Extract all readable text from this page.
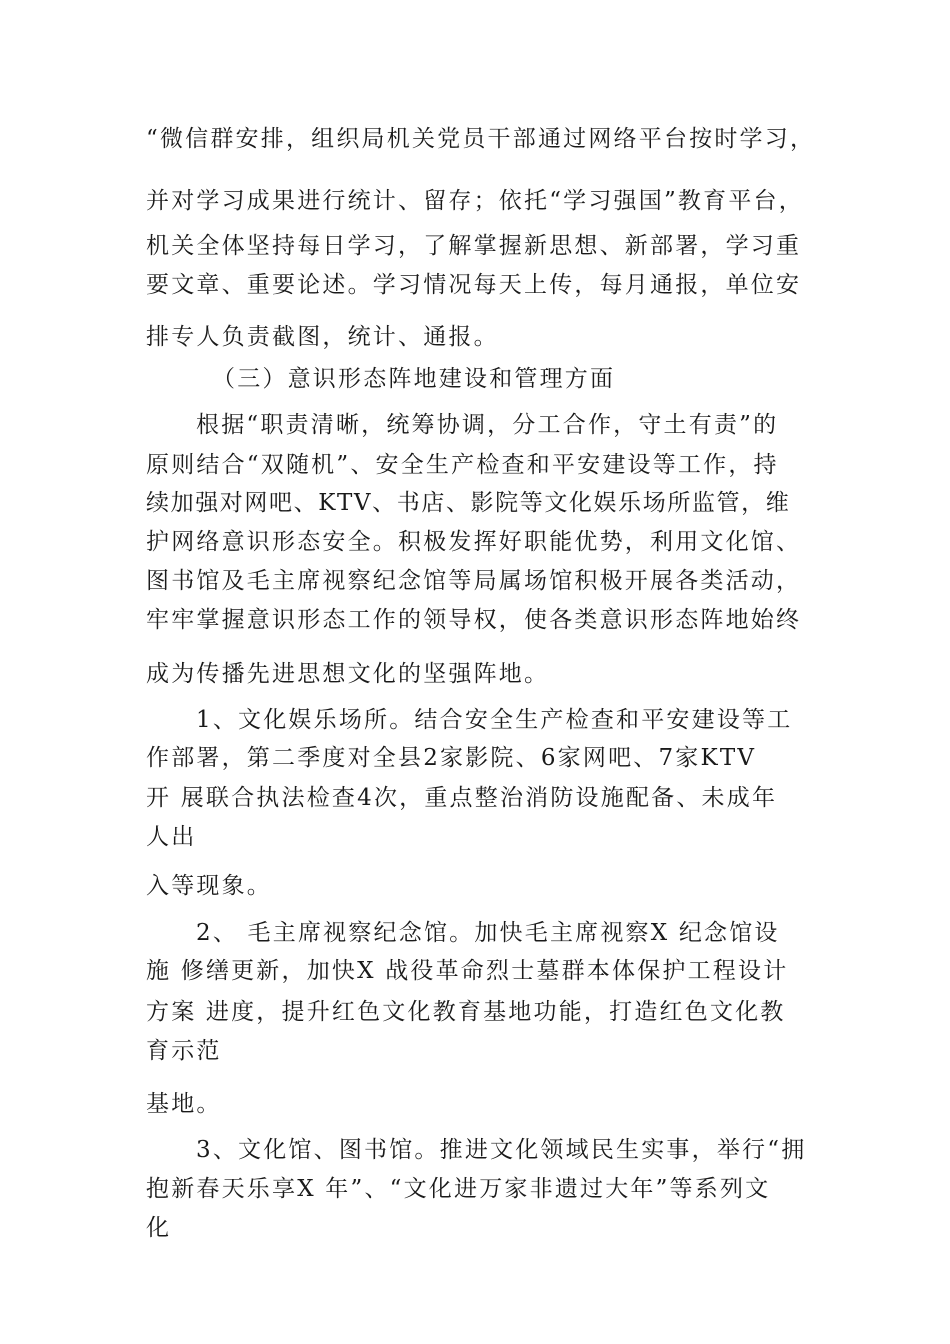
“微信群安排，组织局机关党员干部通过网络平台按时学习，
并对学习成果进行统计、留存；依托“学习强国”教育平台，
机关全体坚持每日学习，了解掌握新思想、新部署，学习重
要文章、重要论述。学习情况每天上传，每月通报，单位安
排专人负责截图，统计、通报。
（三）意识形态阵地建设和管理方面
根据“职责清晰，统筹协调，分工合作，守土有责”的
原则结合“双随机”、安全生产检查和平安建设等工作，持
续加强对网吧、KTV、书店、影院等文化娱乐场所监管，维
护网络意识形态安全。积极发挥好职能优势，利用文化馆、
图书馆及毛主席视察纪念馆等局属场馆积极开展各类活动，
牢牢掌握意识形态工作的领导权，使各类意识形态阵地始终
成为传播先进思想文化的坚强阵地。
1、文化娱乐场所。结合安全生产检查和平安建设等工
作部署，第二季度对全县2家影院、6家网吧、7家KTV
开 展联合执法检查4次，重点整治消防设施配备、未成年
人出
入等现象。
2、 毛主席视察纪念馆。加快毛主席视察X 纪念馆设
施 修缮更新，加快X 战役革命烈士墓群本体保护工程设计
方案 进度，提升红色文化教育基地功能，打造红色文化教
育示范
基地。
3、文化馆、图书馆。推进文化领域民生实事，举行“拥
抱新春天乐享X 年”、“文化进万家非遗过大年”等系列文
化
